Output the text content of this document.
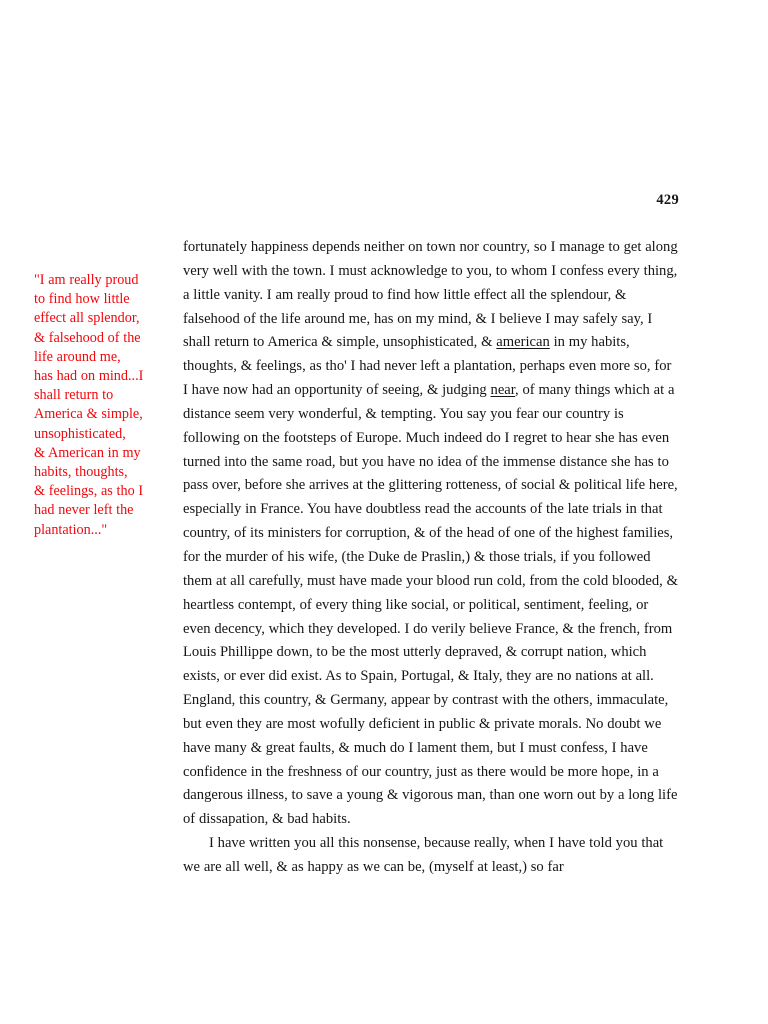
429
"I am really proud
to find how little
effect all splendor,
& falsehood of the
life around me,
has had on mind...I
shall return to
America & simple,
unsophisticated,
& American in my
habits, thoughts,
& feelings, as tho I
had never left the
plantation..."

fortunately happiness depends neither on town nor country, so I manage to get along very well with the town. I must acknowledge to you, to whom I confess every thing, a little vanity. I am really proud to find how little effect all the splendour, & falsehood of the life around me, has on my mind, & I believe I may safely say, I shall return to America & simple, unsophisticated, & american in my habits, thoughts, & feelings, as tho' I had never left a plantation, perhaps even more so, for I have now had an opportunity of seeing, & judging near, of many things which at a distance seem very wonderful, & tempting. You say you fear our country is following on the footsteps of Europe. Much indeed do I regret to hear she has even turned into the same road, but you have no idea of the immense distance she has to pass over, before she arrives at the glittering rotteness, of social & political life here, especially in France. You have doubtless read the accounts of the late trials in that country, of its ministers for corruption, & of the head of one of the highest families, for the murder of his wife, (the Duke de Praslin,) & those trials, if you followed them at all carefully, must have made your blood run cold, from the cold blooded, & heartless contempt, of every thing like social, or political, sentiment, feeling, or even decency, which they developed. I do verily believe France, & the french, from Louis Phillippe down, to be the most utterly depraved, & corrupt nation, which exists, or ever did exist. As to Spain, Portugal, & Italy, they are no nations at all. England, this country, & Germany, appear by contrast with the others, immaculate, but even they are most wofully deficient in public & private morals. No doubt we have many & great faults, & much do I lament them, but I must confess, I have confidence in the freshness of our country, just as there would be more hope, in a dangerous illness, to save a young & vigorous man, than one worn out by a long life of dissapation, & bad habits.

I have written you all this nonsense, because really, when I have told you that we are all well, & as happy as we can be, (myself at least,) so far
